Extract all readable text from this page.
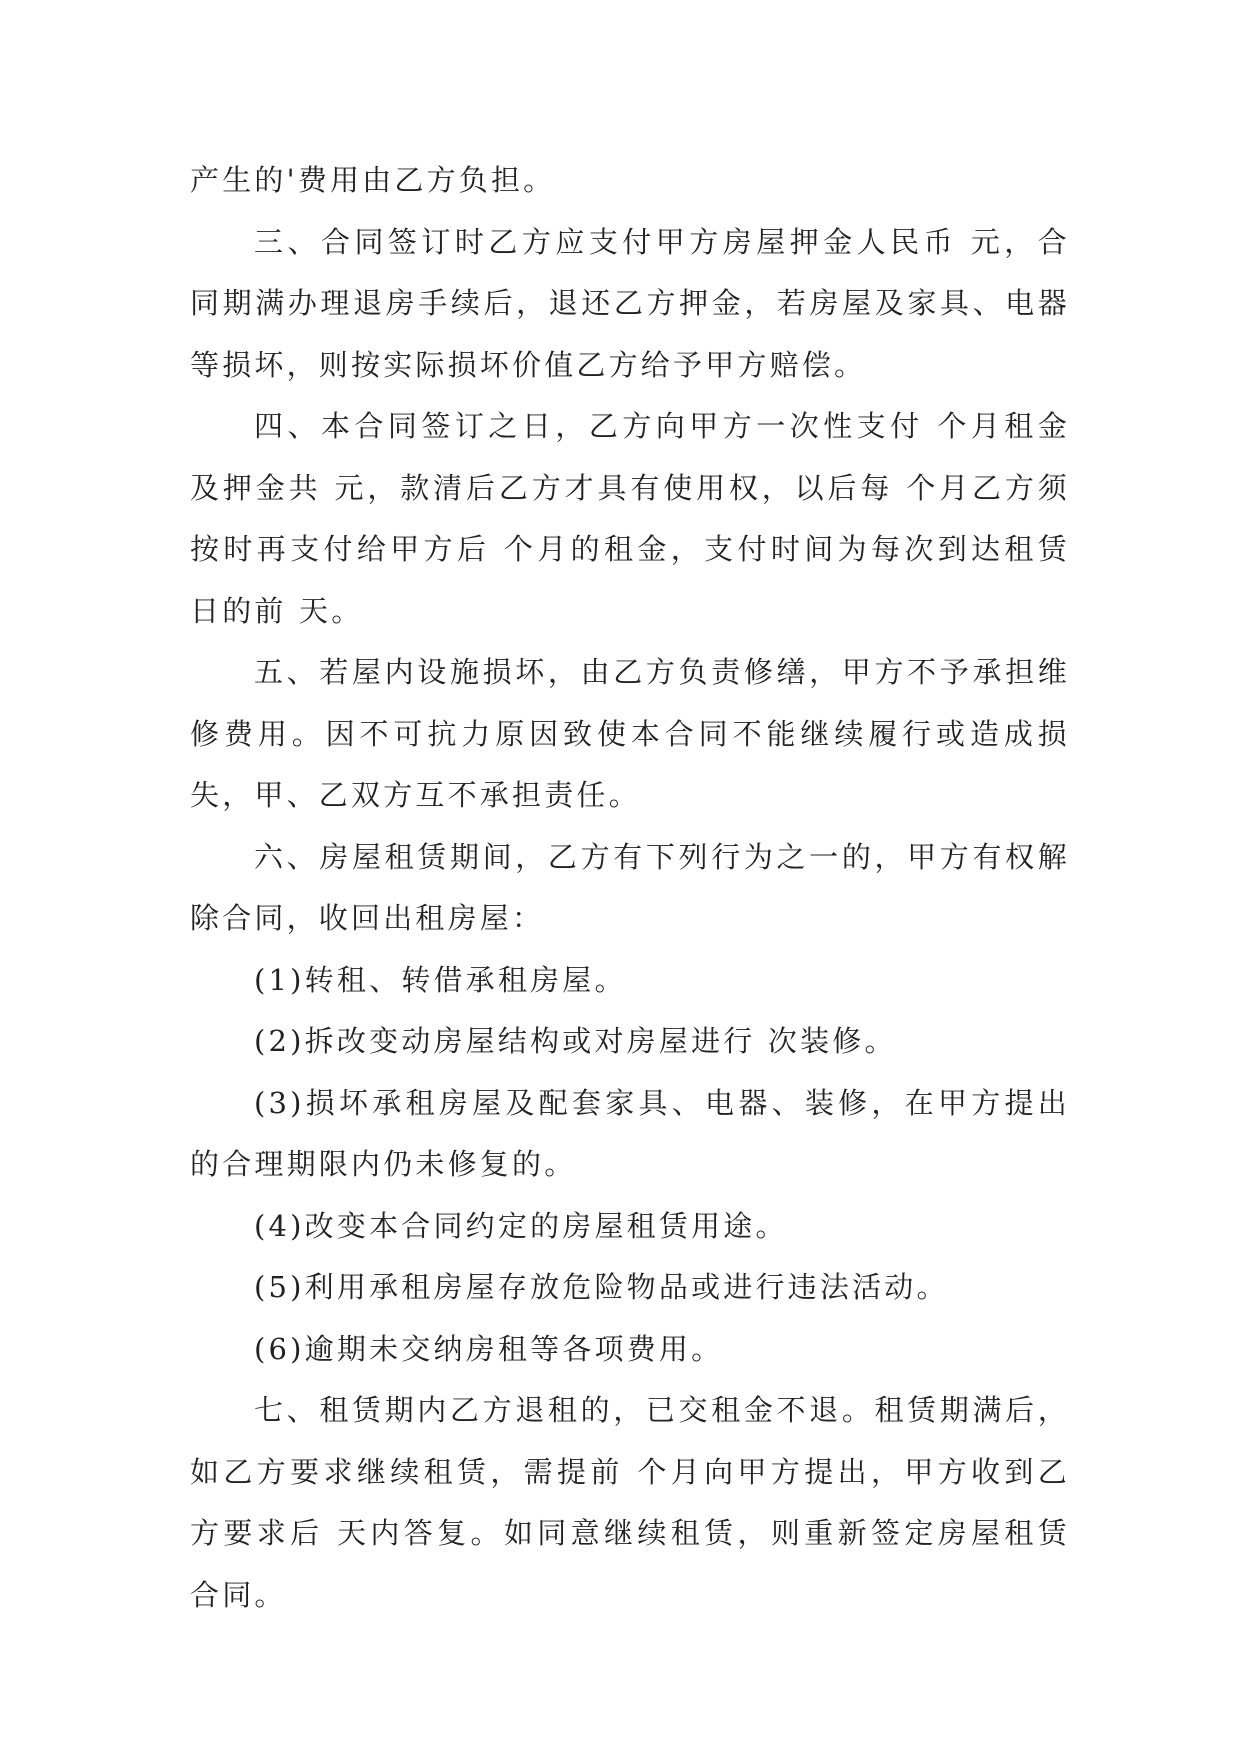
产生的'费用由乙方负担。

三、合同签订时乙方应支付甲方房屋押金人民币 元，合同期满办理退房手续后，退还乙方押金，若房屋及家具、电器等损坏，则按实际损坏价值乙方给予甲方赔偿。

四、本合同签订之日，乙方向甲方一次性支付 个月租金及押金共 元，款清后乙方才具有使用权，以后每 个月乙方须按时再支付给甲方后 个月的租金，支付时间为每次到达租赁日的前 天。

五、若屋内设施损坏，由乙方负责修缮，甲方不予承担维修费用。因不可抗力原因致使本合同不能继续履行或造成损失，甲、乙双方互不承担责任。

六、房屋租赁期间，乙方有下列行为之一的，甲方有权解除合同，收回出租房屋：

(1)转租、转借承租房屋。

(2)拆改变动房屋结构或对房屋进行 次装修。

(3)损坏承租房屋及配套家具、电器、装修，在甲方提出的合理期限内仍未修复的。

(4)改变本合同约定的房屋租赁用途。

(5)利用承租房屋存放危险物品或进行违法活动。

(6)逾期未交纳房租等各项费用。

七、租赁期内乙方退租的，已交租金不退。租赁期满后，如乙方要求继续租赁，需提前 个月向甲方提出，甲方收到乙方要求后 天内答复。如同意继续租赁，则重新签定房屋租赁合同。
